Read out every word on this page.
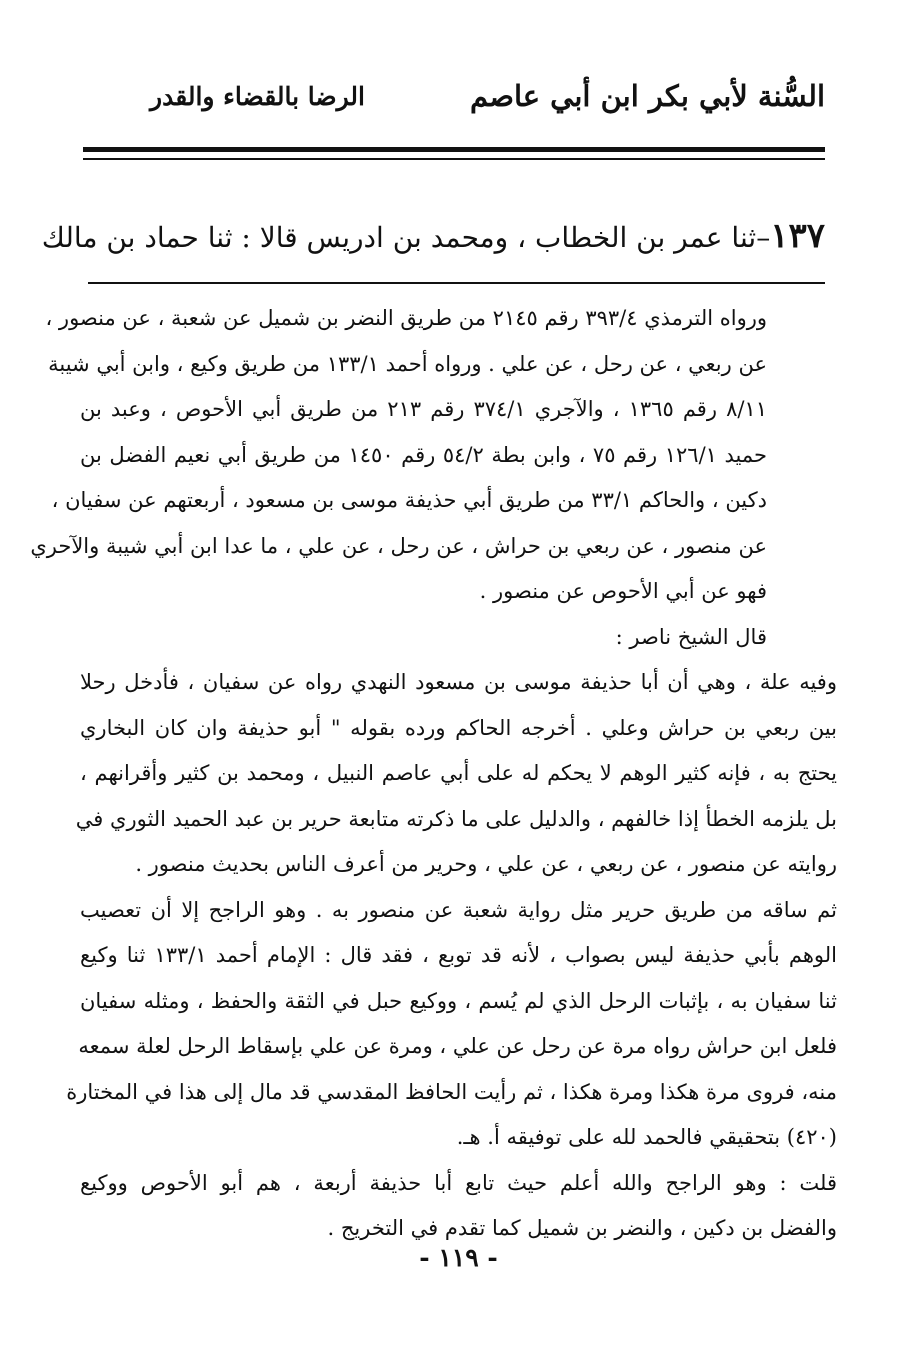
السُّنة لأبي بكر ابن أبي عاصم
الرضا بالقضاء والقدر
١٣٧–ثنا عمر بن الخطاب ، ومحمد بن ادريس قالا : ثنا حماد بن مالك
ورواه الترمذي ٣٩٣/٤ رقم ٢١٤٥ من طريق النضر بن شميل عن شعبة ، عن منصور ،
عن ربعي ، عن رحل ، عن علي . ورواه أحمد ١٣٣/١ من طريق وكيع ، وابن أبي شيبة
٨/١١ رقم ١٣٦٥ ، والآجري ٣٧٤/١ رقم ٢١٣ من طريق أبي الأحوص ، وعبد بن
حميد ١٢٦/١ رقم ٧٥ ، وابن بطة ٥٤/٢ رقم ١٤٥٠ من طريق أبي نعيم الفضل بن
دكين ، والحاكم ٣٣/١ من طريق أبي حذيفة موسى بن مسعود ، أربعتهم عن سفيان ،
عن منصور ، عن ربعي بن حراش ، عن رحل ، عن علي ، ما عدا ابن أبي شيبة والآحري
فهو عن أبي الأحوص عن منصور .
قال الشيخ ناصر :
وفيه علة ، وهي أن أبا حذيفة موسى بن مسعود النهدي رواه عن سفيان ، فأدخل رحلا
بين ربعي بن حراش وعلي . أخرجه الحاكم ورده بقوله " أبو حذيفة وان كان البخاري
يحتج به ، فإنه كثير الوهم لا يحكم له على أبي عاصم النبيل ، ومحمد بن كثير وأقرانهم ،
بل يلزمه الخطأ إذا خالفهم ، والدليل على ما ذكرته متابعة حرير بن عبد الحميد الثوري في
روايته عن منصور ، عن ربعي ، عن علي ، وحرير من أعرف الناس بحديث منصور .
ثم ساقه من طريق حرير مثل رواية شعبة عن منصور به . وهو الراجح إلا أن تعصيب
الوهم بأبي حذيفة ليس بصواب ، لأنه قد توبع ، فقد قال : الإمام أحمد ١٣٣/١ ثنا وكيع
ثنا سفيان به ، بإثبات الرحل الذي لم يُسم ، ووكيع حبل في الثقة والحفظ ، ومثله سفيان
فلعل ابن حراش رواه مرة عن رحل عن علي ، ومرة عن علي بإسقاط الرحل لعلة سمعه
منه، فروى مرة هكذا ومرة هكذا ، ثم رأيت الحافظ المقدسي قد مال إلى هذا في المختارة
(٤٢٠) بتحقيقي فالحمد لله على توفيقه أ. هـ.
قلت : وهو الراجح والله أعلم حيث تابع أبا حذيفة أربعة ، هم أبو الأحوص ووكيع
والفضل بن دكين ، والنضر بن شميل كما تقدم في التخريج .
- ١١٩ -
